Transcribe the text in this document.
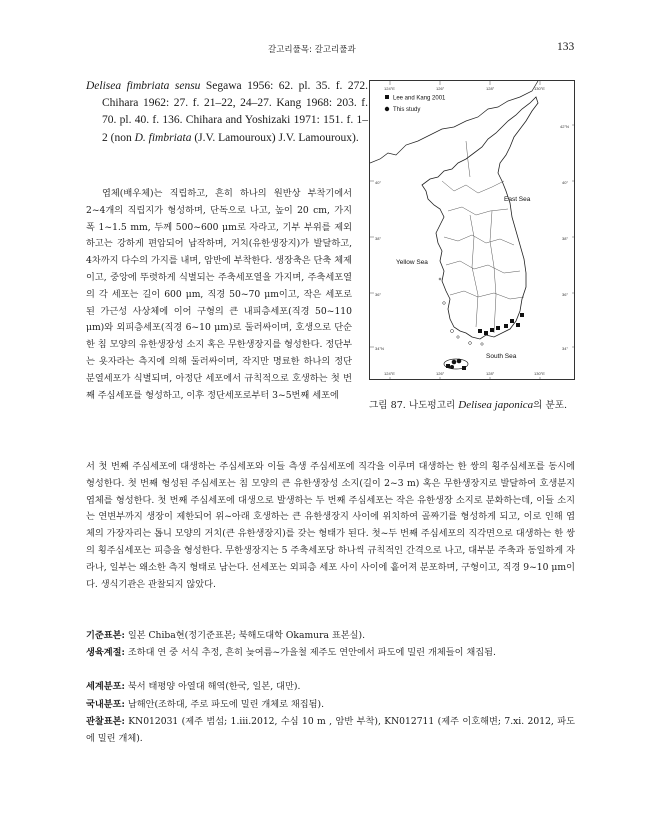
갈고리풀목: 갈고리풀과	133
Delisea fimbriata sensu Segawa 1956: 62. pl. 35. f. 272. Chihara 1962: 27. f. 21–22, 24–27. Kang 1968: 203. f. 70. pl. 40. f. 136. Chihara and Yoshizaki 1971: 151. f. 1–2 (non D. fimbriata (J.V. Lamouroux) J.V. Lamouroux).
엽체(배우체)는 직립하고, 흔히 하나의 원반상 부착기에서 2~4개의 직립지가 형성하며, 단독으로 나고, 높이 20 cm, 가지 폭 1~1.5 mm, 두께 500~600 μm로 자라고, 기부 부위를 제외하고는 강하게 편압되어 납작하며, 거치(유한생장지)가 발달하고, 4차까지 다수의 가지를 내며, 암반에 부착한다. 생장축은 단축 체제이고, 중앙에 뚜렷하게 식별되는 주축세포열을 가지며, 주축세포열의 각 세포는 길이 600 μm, 직경 50~70 μm이고, 작은 세포로 된 가근성 사상체에 이어 구형의 큰 내피층세포(직경 50~110 μm)와 외피층세포(직경 6~10 μm)로 둘러싸이며, 호생으로 단순한 침 모양의 유한생장성 소지 혹은 무한생장지를 형성한다. 정단부는 욧자라는 측지에 의해 둘러싸이며, 작지만 명료한 하나의 정단 분열세포가 식별되며, 아정단 세포에서 규칙적으로 호생하는 첫 번째 주심세포를 형성하고, 이후 정단세포로부터 3~5번째 세포에
서 첫 번째 주심세포에 대생하는 주심세포와 이들 측생 주심세포에 직각을 이루며 대생하는 한 쌍의 횡주심세포를 동시에 형성한다. 첫 번째 형성된 주심세포는 침 모양의 큰 유한생장성 소지(길이 2~3 m) 혹은 무한생장지로 발달하여 호생분지 엽체를 형성한다. 첫 번째 주심세포에 대생으로 발생하는 두 번째 주심세포는 작은 유한생장 소지로 분화하는데, 이들 소지는 연변부까지 생장이 제한되어 위~아래 호생하는 큰 유한생장지 사이에 위치하여 골짜기를 형성하게 되고, 이로 인해 엽체의 가장자리는 톱니 모양의 거치(큰 유한생장지)를 갖는 형태가 된다. 첫~두 번째 주심세포의 직각면으로 대생하는 한 쌍의 횡주심세포는 피층을 형성한다. 무한생장지는 5 주축세포당 하나씩 규칙적인 간격으로 나고, 대부분 주축과 동일하게 자라나, 일부는 왜소한 측지 형태로 남는다. 선세포는 외피층 세포 사이 사이에 흩어져 분포하며, 구형이고, 직경 9~10 μm이다. 생식기관은 관찰되지 않았다.
124°E	126°	128°	130°E
124°E	126°	128°	130°E
42°N
40°
38°
36°
34°
40°
38°
36°
34°N
Lee and Kang 2001
This study
East Sea
Yellow Sea
South Sea
그림 87. 나도펑고리 Delisea japonica의 분포.
기준표본: 일본 Chiba현(정기준표본; 북해도대학 Okamura 표본실).
생육계절: 조하대 연 중 서식 추정, 흔히 늦여름~가을철 제주도 연안에서 파도에 밀린 개체들이 채집됨.
세계분포: 북서 태평양 아열대 해역(한국, 일본, 대만).
국내분포: 남해안(조하대, 주로 파도에 밀린 개체로 채집됨).
관찰표본: KN012031 (제주 범섬; 1.iii.2012, 수심 10 m , 암반 부착), KN012711 (제주 이호해변; 7.xi. 2012, 파도에 밀린 개체).
